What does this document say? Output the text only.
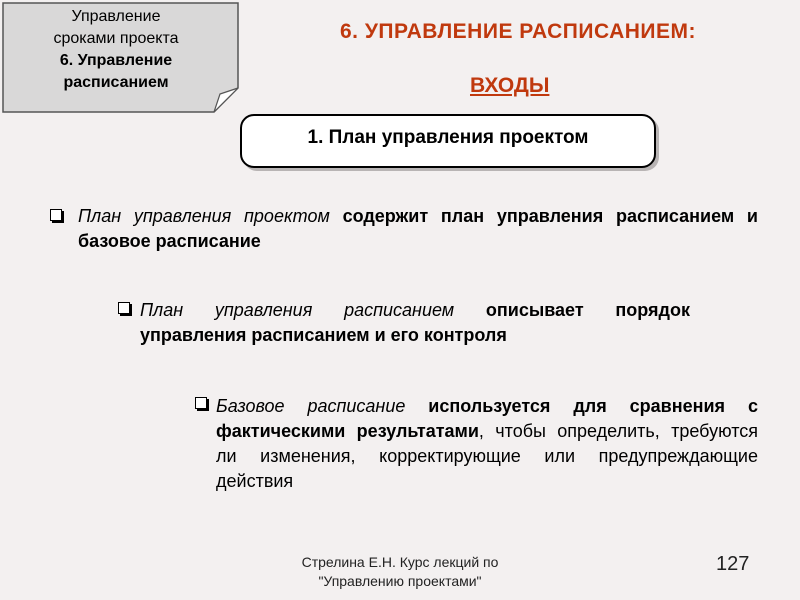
Управление
сроками проекта
6. Управление
расписанием
6. УПРАВЛЕНИЕ РАСПИСАНИЕМ:
ВХОДЫ
1. План управления проектом
План управления проектом содержит план управления расписанием и базовое расписание
План управления расписанием описывает порядок управления расписанием и его контроля
Базовое расписание используется для сравнения с фактическими результатами, чтобы определить, требуются ли изменения, корректирующие или предупреждающие действия
Стрелина Е.Н. Курс лекций по
"Управлению проектами"
127
